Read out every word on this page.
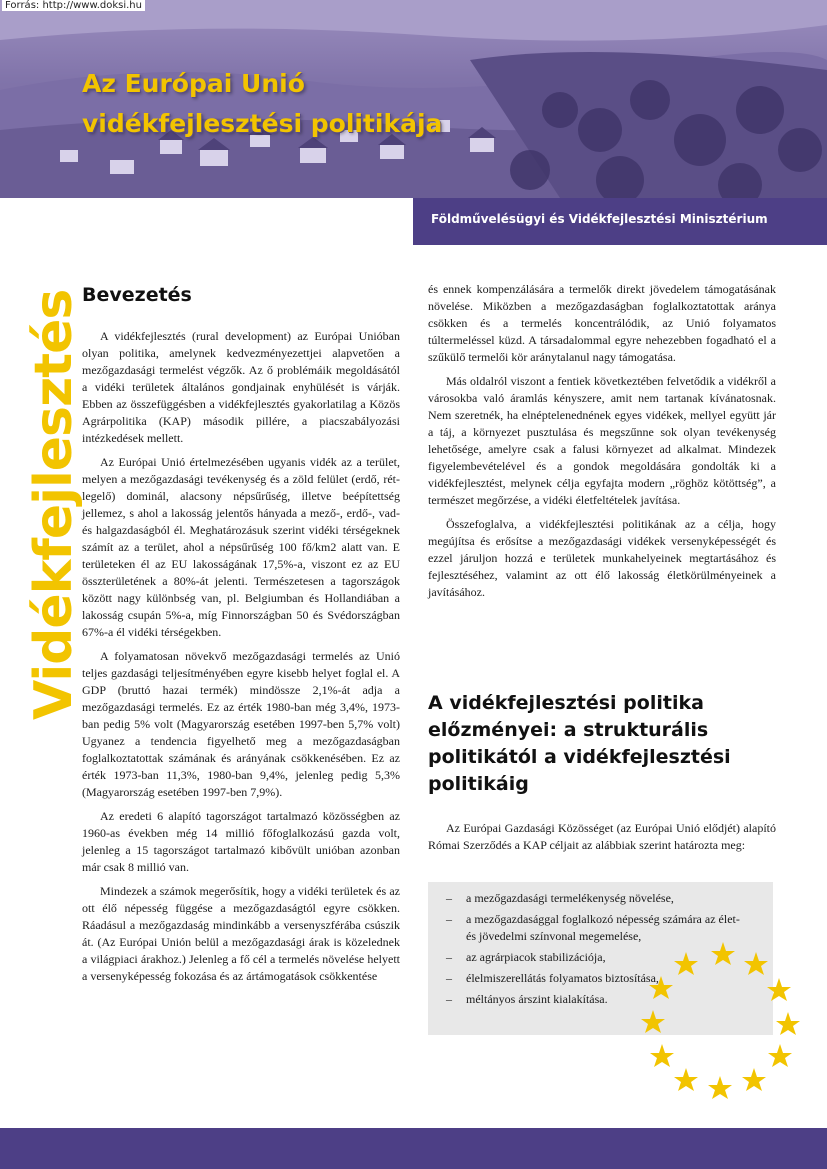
Az Európai Unió
vidékfejlesztési politikája
Forrás: http://www.doksi.hu
Földművelésügyi és Vidékfejlesztési Minisztérium
Vidékfejlesztés
Bevezetés

A vidékfejlesztés (rural development) az Európai Unióban olyan politika, amelynek kedvezményezettjei alapvetően a mezőgazdasági termelést végzők. Az ő problémáik megoldásától a vidéki területek általános gondjainak enyhülését is várják. Ebben az összefüggésben a vidékfejlesztés gyakorlatilag a Közös Agrárpolitika (KAP) második pillére, a piacszabályozási intézkedések mellett.

Az Európai Unió értelmezésében ugyanis vidék az a terület, melyen a mezőgazdasági tevékenység és a zöld felület (erdő, rét-legelő) dominál, alacsony népsűrűség, illetve beépítettség jellemez, s ahol a lakosság jelentős hányada a mező-, erdő-, vad- és halgazdaságból él. Meghatározásuk szerint vidéki térségeknek számít az a terület, ahol a népsűrűség 100 fő/km2 alatt van. E területeken él az EU lakosságának 17,5%-a, viszont ez az EU összterületének a 80%-át jelenti. Természetesen a tagországok között nagy különbség van, pl. Belgiumban és Hollandiában a lakosság csupán 5%-a, míg Finnországban 50 és Svédországban 67%-a él vidéki térségekben.

A folyamatosan növekvő mezőgazdasági termelés az Unió teljes gazdasági teljesítményében egyre kisebb helyet foglal el. A GDP (bruttó hazai termék) mindössze 2,1%-át adja a mezőgazdasági termelés. Ez az érték 1980-ban még 3,4%, 1973-ban pedig 5% volt (Magyarország esetében 1997-ben 5,7% volt) Ugyanez a tendencia figyelhető meg a mezőgazdaságban foglalkoztatottak számának és arányának csökkenésében. Ez az érték 1973-ban 11,3%, 1980-ban 9,4%, jelenleg pedig 5,3% (Magyarország esetében 1997-ben 7,9%).

Az eredeti 6 alapító tagországot tartalmazó közösségben az 1960-as években még 14 millió főfoglalkozású gazda volt, jelenleg a 15 tagországot tartalmazó kibővült unióban azonban már csak 8 millió van.

Mindezek a számok megerősítik, hogy a vidéki területek és az ott élő népesség függése a mezőgazdaságtól egyre csökken. Ráadásul a mezőgazdaság mindinkább a versenyszférába csúszik át. (Az Európai Unión belül a mezőgazdasági árak is közelednek a világpiaci árakhoz.) Jelenleg a fő cél a termelés növelése helyett a versenyképesség fokozása és az ártámogatások csökkentése

és ennek kompenzálására a termelők direkt jövedelem támogatásának növelése. Miközben a mezőgazdaságban foglalkoztatottak aránya csökken és a termelés koncentrálódik, az Unió folyamatos túltermeléssel küzd. A társadalommal egyre nehezebben fogadható el a szűkülő termelői kör aránytalanul nagy támogatása.

Más oldalról viszont a fentiek következtében felvetődik a vidékről a városokba való áramlás kényszere, amit nem tartanak kívánatosnak. Nem szeretnék, ha elnéptelenednének egyes vidékek, mellyel együtt jár a táj, a környezet pusztulása és megszűnne sok olyan tevékenység lehetősége, amelyre csak a falusi környezet ad alkalmat. Mindezek figyelembevételével és a gondok megoldására gondolták ki a vidékfejlesztést, melynek célja egyfajta modern „röghöz kötöttség”, a természet megőrzése, a vidéki életfeltételek javítása.

Összefoglalva, a vidékfejlesztési politikának az a célja, hogy megújítsa és erősítse a mezőgazdasági vidékek versenyképességét és ezzel járuljon hozzá e területek munkahelyeinek megtartásához és fejlesztéséhez, valamint az ott élő lakosság életkörülményeinek a javításához.

A vidékfejlesztési politika előzményei: a strukturális politikától a vidékfejlesztési politikáig

Az Európai Gazdasági Közösséget (az Európai Unió elődjét) alapító Római Szerződés a KAP céljait az alábbiak szerint határozta meg:

– a mezőgazdasági termelékenység növelése,
– a mezőgazdasággal foglalkozó népesség számára az élet- és jövedelmi színvonal megemelése,
– az agrárpiacok stabilizációja,
– élelmiszerellátás folyamatos biztosítása,
– méltányos árszint kialakítása.
